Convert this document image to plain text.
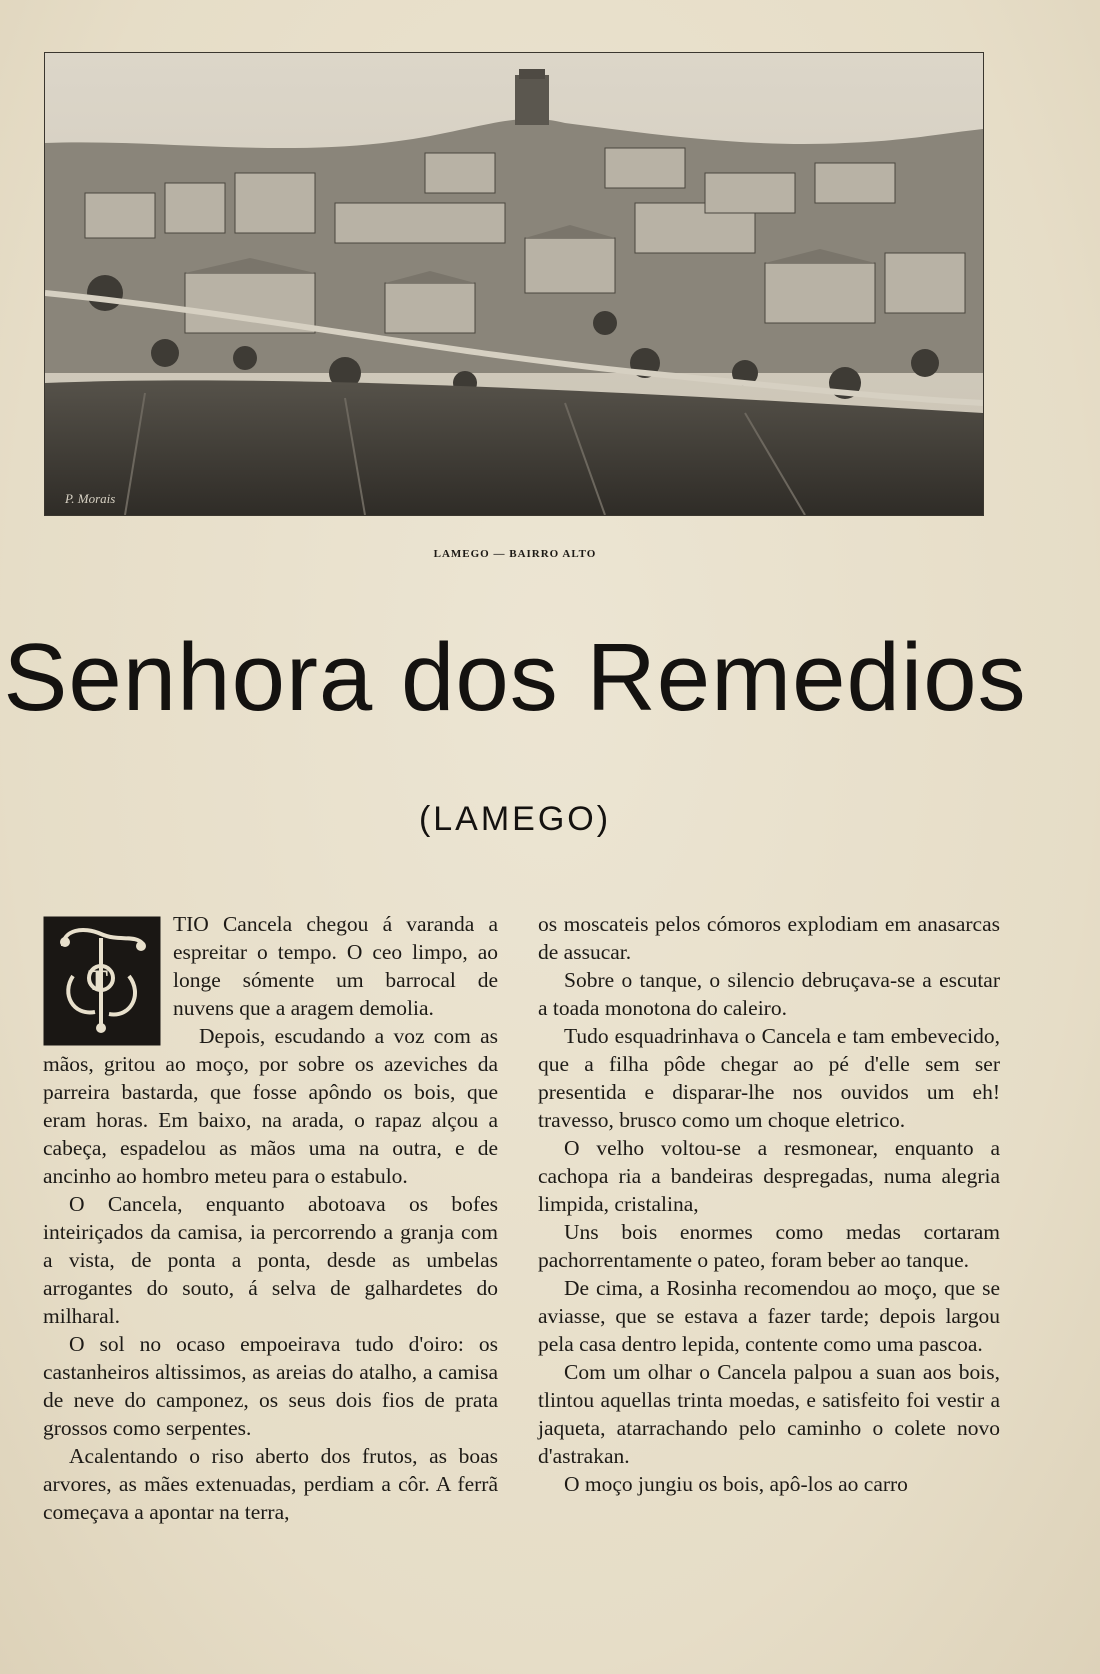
P. Morais
LAMEGO — BAIRRO ALTO
Senhora dos Remedios
(LAMEGO)
T

TIO Cancela chegou á varanda a espreitar o tempo. O ceo limpo, ao longe sómente um barrocal de nuvens que a aragem demolia.

Depois, escudando a voz com as mãos, gritou ao moço, por sobre os azeviches da parreira bastarda, que fosse apôndo os bois, que eram horas. Em baixo, na arada, o rapaz alçou a cabeça, espadelou as mãos uma na outra, e de ancinho ao hombro meteu para o estabulo.

O Cancela, enquanto abotoava os bofes inteiriçados da camisa, ia percorrendo a granja com a vista, de ponta a ponta, desde as umbelas arrogantes do souto, á selva de galhardetes do milharal.

O sol no ocaso empoeirava tudo d'oiro: os castanheiros altissimos, as areias do atalho, a camisa de neve do camponez, os seus dois fios de prata grossos como serpentes.

Acalentando o riso aberto dos frutos, as boas arvores, as mães extenuadas, perdiam a côr. A ferrã começava a apontar na terra,

os moscateis pelos cómoros explodiam em anasarcas de assucar.

Sobre o tanque, o silencio debruçava-se a escutar a toada monotona do caleiro.

Tudo esquadrinhava o Cancela e tam embevecido, que a filha pôde chegar ao pé d'elle sem ser presentida e disparar-lhe nos ouvidos um eh! travesso, brusco como um choque eletrico.

O velho voltou-se a resmonear, enquanto a cachopa ria a bandeiras despregadas, numa alegria limpida, cristalina,

Uns bois enormes como medas cortaram pachorrentamente o pateo, foram beber ao tanque.

De cima, a Rosinha recomendou ao moço, que se aviasse, que se estava a fazer tarde; depois largou pela casa dentro lepida, contente como uma pascoa.

Com um olhar o Cancela palpou a suan aos bois, tlintou aquellas trinta moedas, e satisfeito foi vestir a jaqueta, atarrachando pelo caminho o colete novo d'astrakan.

O moço jungiu os bois, apô-los ao carro
